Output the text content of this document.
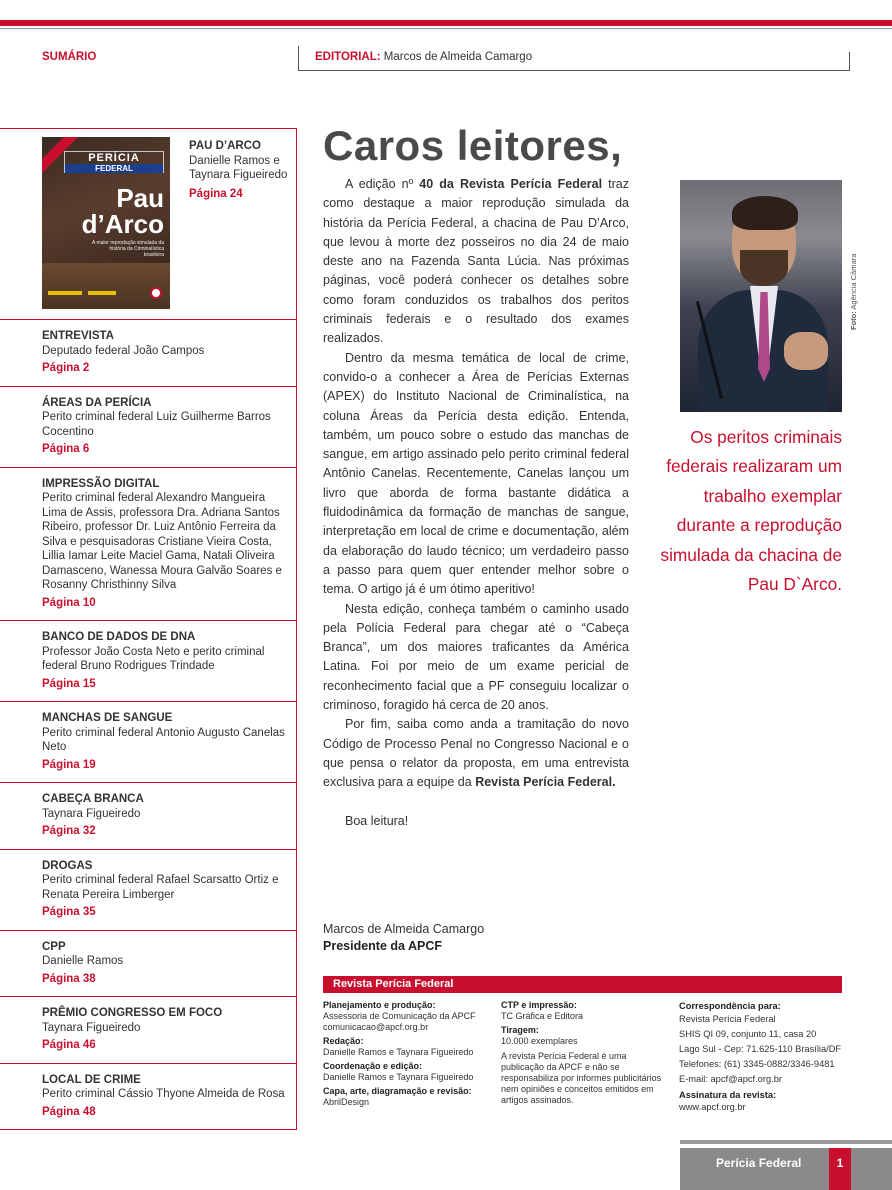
SUMÁRIO	EDITORIAL: Marcos de Almeida Camargo
PERÍCIA
FEDERAL
Pau
d’Arco
A maior reprodução simulada da história da Criminalística brasileira
PAU D’ARCO
Danielle Ramos e Taynara Figueiredo
Página 24
ENTREVISTA
Deputado federal João Campos
Página 2
ÁREAS DA PERÍCIA
Perito criminal federal Luiz Guilherme Barros Cocentino
Página 6
IMPRESSÃO DIGITAL
Perito criminal federal Alexandro Mangueira Lima de Assis, professora Dra. Adriana Santos Ribeiro, professor Dr. Luiz Antônio Ferreira da Silva e pesquisadoras Cristiane Vieira Costa, Lillia Iamar Leite Maciel Gama, Natali Oliveira Damasceno, Wanessa Moura Galvão Soares e Rosanny Christhinny Silva
Página 10
BANCO DE DADOS DE DNA
Professor João Costa Neto e perito criminal federal Bruno Rodrigues Trindade
Página 15
MANCHAS DE SANGUE
Perito criminal federal Antonio Augusto Canelas Neto
Página 19
CABEÇA BRANCA
Taynara Figueiredo
Página 32
DROGAS
Perito criminal federal Rafael Scarsatto Ortiz e Renata Pereira Limberger
Página 35
CPP
Danielle Ramos
Página 38
PRÊMIO CONGRESSO EM FOCO
Taynara Figueiredo
Página 46
LOCAL DE CRIME
Perito criminal Cássio Thyone Almeida de Rosa
Página 48
Caros leitores,

A edição nº 40 da Revista Perícia Federal traz como destaque a maior reprodução simulada da história da Perícia Federal, a chacina de Pau D’Arco, que levou à morte dez posseiros no dia 24 de maio deste ano na Fazenda Santa Lúcia. Nas próximas páginas, você poderá conhecer os detalhes sobre como foram conduzidos os trabalhos dos peritos criminais federais e o resultado dos exames realizados.

Dentro da mesma temática de local de crime, convido-o a conhecer a Área de Perícias Externas (APEX) do Instituto Nacional de Criminalística, na coluna Áreas da Perícia desta edição. Entenda, também, um pouco sobre o estudo das manchas de sangue, em artigo assinado pelo perito criminal federal Antônio Canelas. Recentemente, Canelas lançou um livro que aborda de forma bastante didática a fluidodinâmica da formação de manchas de sangue, interpretação em local de crime e documentação, além da elaboração do laudo técnico; um verdadeiro passo a passo para quem quer entender melhor sobre o tema. O artigo já é um ótimo aperitivo!

Nesta edição, conheça também o caminho usado pela Polícia Federal para chegar até o “Cabeça Branca”, um dos maiores traficantes da América Latina. Foi por meio de um exame pericial de reconhecimento facial que a PF conseguiu localizar o criminoso, foragido há cerca de 20 anos.

Por fim, saiba como anda a tramitação do novo Código de Processo Penal no Congresso Nacional e o que pensa o relator da proposta, em uma entrevista exclusiva para a equipe da Revista Perícia Federal.

Boa leitura!

Foto: Agência Câmara
Os peritos criminais federais realizaram um trabalho exemplar durante a reprodução simulada da chacina de Pau D`Arco.
Marcos de Almeida Camargo
Presidente da APCF
Revista Perícia Federal
Planejamento e produção:
Assessoria de Comunicação da APCF comunicacao@apcf.org.br
Redação:
Danielle Ramos e Taynara Figueiredo
Coordenação e edição:
Danielle Ramos e Taynara Figueiredo
Capa, arte, diagramação e revisão:
AbrilDesign
CTP e impressão:
TC Gráfica e Editora
Tiragem:
10.000 exemplares
A revista Perícia Federal é uma publicação da APCF e não se responsabiliza por informes publicitários nem opiniões e conceitos emitidos em artigos assinados.
Correspondência para:
Revista Perícia Federal
SHIS QI 09, conjunto 11, casa 20
Lago Sul - Cep: 71.625-110 Brasília/DF
Telefones: (61) 3345-0882/3346-9481
E-mail: apcf@apcf.org.br
Assinatura da revista:
www.apcf.org.br
Perícia Federal	1
